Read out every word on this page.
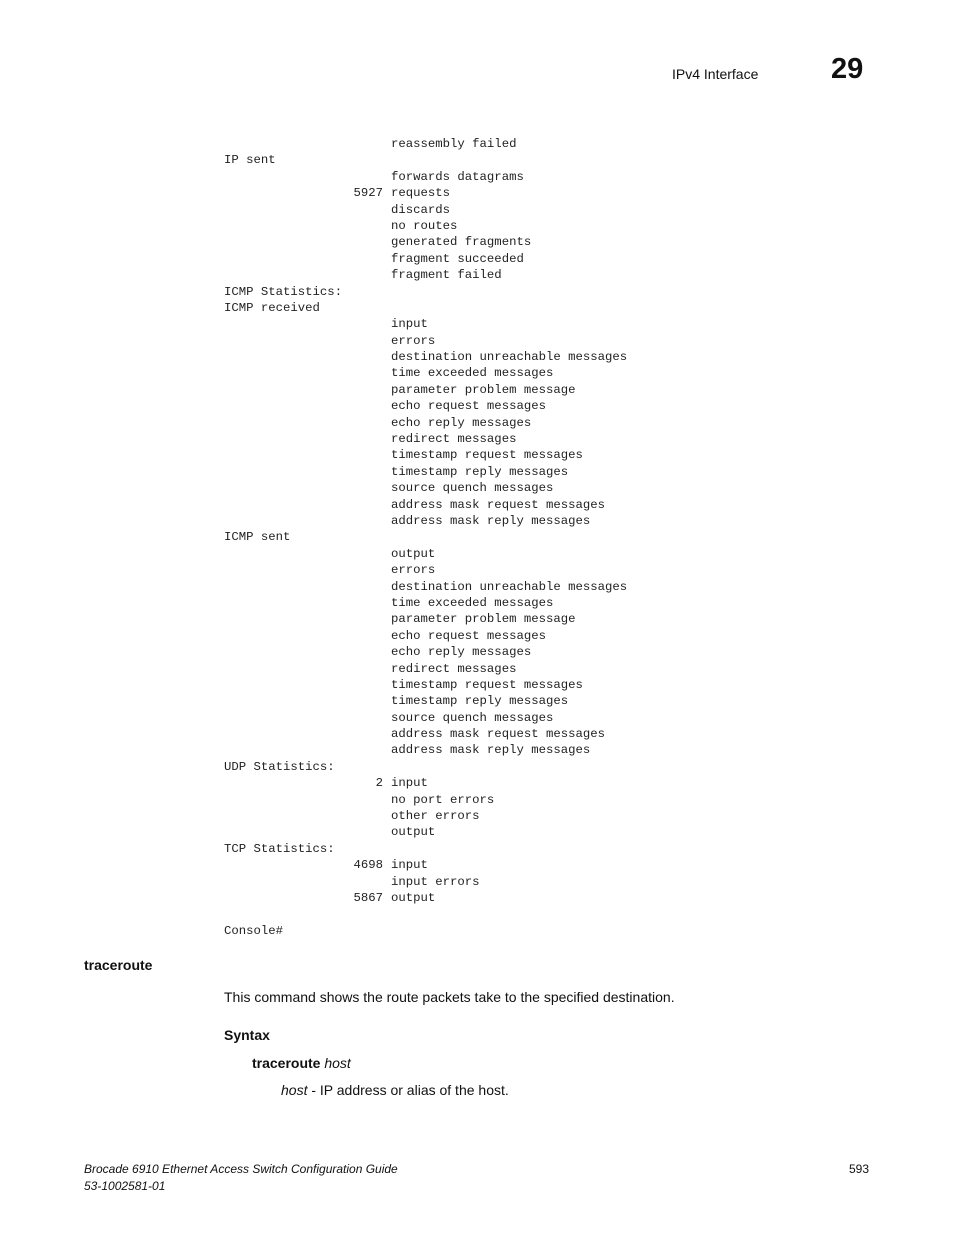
IPv4 Interface	29
reassembly failed
IP sent
forwards datagrams
5927 requests
discards
no routes
generated fragments
fragment succeeded
fragment failed
ICMP Statistics:
ICMP received
input
errors
destination unreachable messages
time exceeded messages
parameter problem message
echo request messages
echo reply messages
redirect messages
timestamp request messages
timestamp reply messages
source quench messages
address mask request messages
address mask reply messages
ICMP sent
output
errors
destination unreachable messages
time exceeded messages
parameter problem message
echo request messages
echo reply messages
redirect messages
timestamp request messages
timestamp reply messages
source quench messages
address mask request messages
address mask reply messages
UDP Statistics:
2 input
no port errors
other errors
output
TCP Statistics:
4698 input
input errors
5867 output
Console#
traceroute
This command shows the route packets take to the specified destination.
Syntax
traceroute host
host - IP address or alias of the host.
Brocade 6910 Ethernet Access Switch Configuration Guide
53-1002581-01
593
